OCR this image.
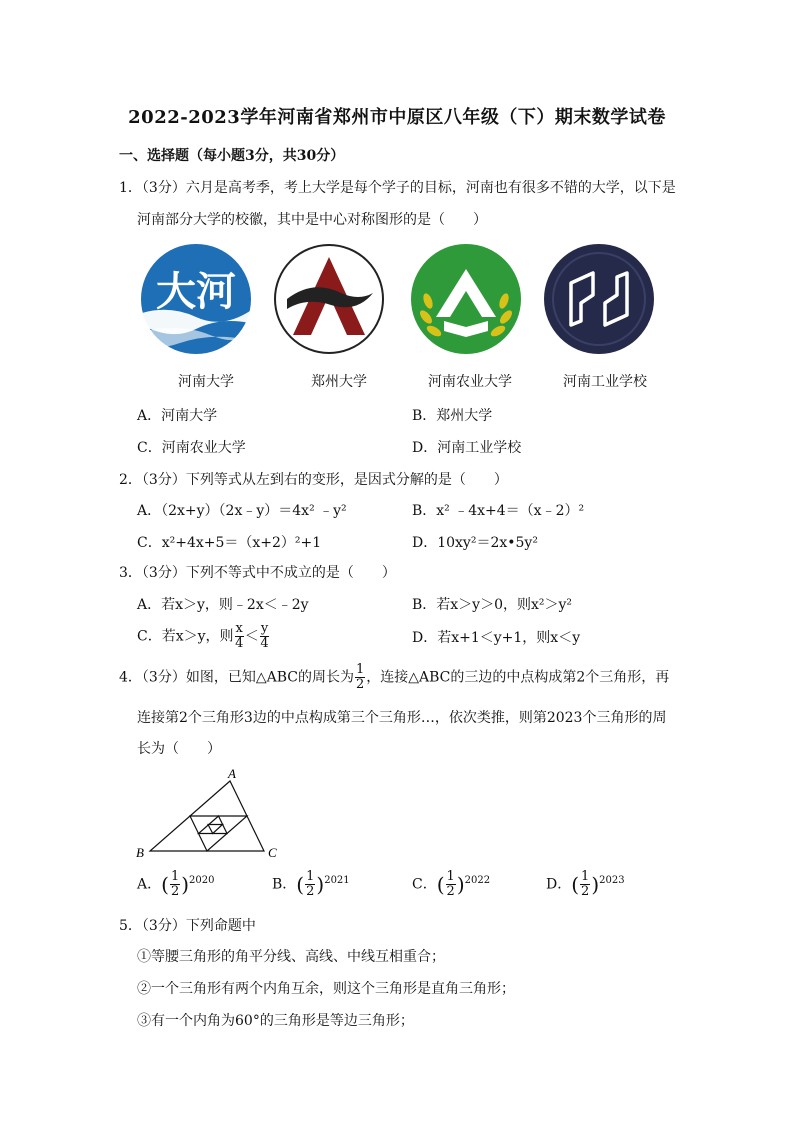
2022-2023学年河南省郑州市中原区八年级（下）期末数学试卷
一、选择题（每小题3分，共30分）
1．（3分）六月是高考季，考上大学是每个学子的目标，河南也有很多不错的大学，以下是
河南部分大学的校徽，其中是中心对称图形的是（　　）
大河
河南大学	郑州大学	河南农业大学	河南工业学校
A．河南大学	B．郑州大学
C．河南农业大学	D．河南工业学校
2．（3分）下列等式从左到右的变形，是因式分解的是（　　）
A．（2x+y）（2x﹣y）＝4x² ﹣y²	B．x² ﹣4x+4＝（x﹣2）²
C．x²+4x+5＝（x+2）²+1	D．10xy²＝2x•5y²
3．（3分）下列不等式中不成立的是（　　）
A．若x＞y，则﹣2x＜﹣2y	B．若x＞y＞0，则x²＞y²
C．若x＞y，则 $\frac{x}{4} < \frac{y}{4}$	D．若x+1＜y+1，则x＜y
4．（3分）如图，已知△ABC的周长为 $\frac{1}{2}$ ，连接△ABC的三边的中点构成第2个三角形，再
连接第2个三角形3边的中点构成第三个三角形…，依次类推，则第2023个三角形的周
长为（　　）
A
B	C
A．( $\frac{1}{2} )^{2020}$	B．( $\frac{1}{2} )^{2021}$	C．( $\frac{1}{2} )^{2022}$	D．( $\frac{1}{2} )^{2023}$
5．（3分）下列命题中
①等腰三角形的角平分线、高线、中线互相重合；
②一个三角形有两个内角互余，则这个三角形是直角三角形；
③有一个内角为60°的三角形是等边三角形；
